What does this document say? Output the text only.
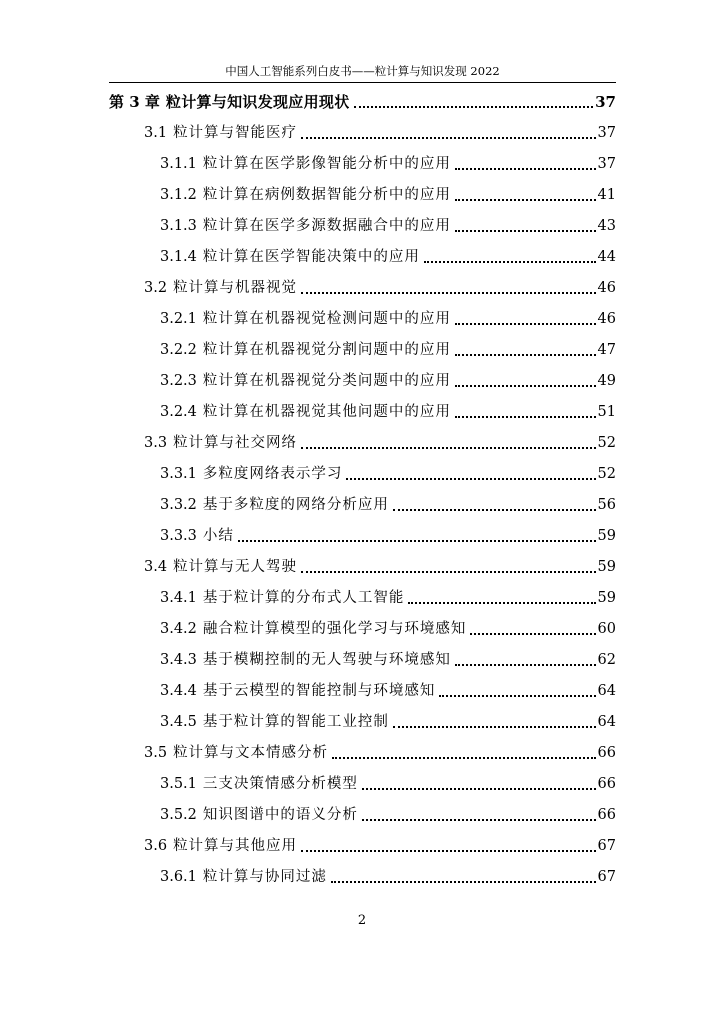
中国人工智能系列白皮书——粒计算与知识发现 2022
第 3 章 粒计算与知识发现应用现状	37
3.1 粒计算与智能医疗	37
3.1.1 粒计算在医学影像智能分析中的应用	37
3.1.2 粒计算在病例数据智能分析中的应用	41
3.1.3 粒计算在医学多源数据融合中的应用	43
3.1.4 粒计算在医学智能决策中的应用	44
3.2 粒计算与机器视觉	46
3.2.1 粒计算在机器视觉检测问题中的应用	46
3.2.2 粒计算在机器视觉分割问题中的应用	47
3.2.3 粒计算在机器视觉分类问题中的应用	49
3.2.4 粒计算在机器视觉其他问题中的应用	51
3.3 粒计算与社交网络	52
3.3.1 多粒度网络表示学习	52
3.3.2 基于多粒度的网络分析应用	56
3.3.3 小结	59
3.4 粒计算与无人驾驶	59
3.4.1 基于粒计算的分布式人工智能	59
3.4.2 融合粒计算模型的强化学习与环境感知	60
3.4.3 基于模糊控制的无人驾驶与环境感知	62
3.4.4 基于云模型的智能控制与环境感知	64
3.4.5 基于粒计算的智能工业控制	64
3.5 粒计算与文本情感分析	66
3.5.1 三支决策情感分析模型	66
3.5.2 知识图谱中的语义分析	66
3.6 粒计算与其他应用	67
3.6.1 粒计算与协同过滤	67
2
